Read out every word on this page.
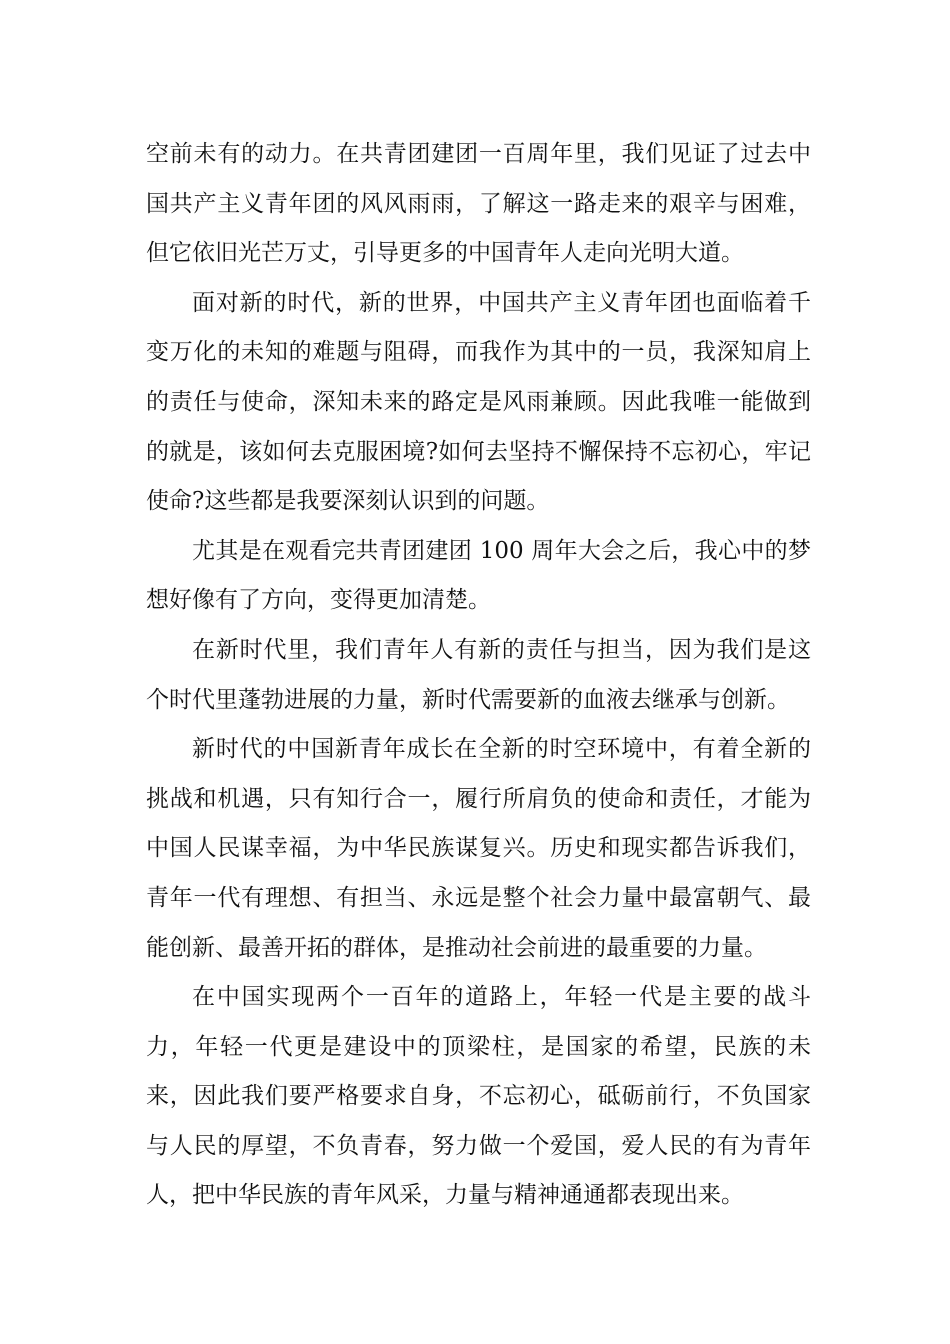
空前未有的动力。在共青团建团一百周年里，我们见证了过去中国共产主义青年团的风风雨雨，了解这一路走来的艰辛与困难，但它依旧光芒万丈，引导更多的中国青年人走向光明大道。

面对新的时代，新的世界，中国共产主义青年团也面临着千变万化的未知的难题与阻碍，而我作为其中的一员，我深知肩上的责任与使命，深知未来的路定是风雨兼顾。因此我唯一能做到的就是，该如何去克服困境?如何去坚持不懈保持不忘初心，牢记使命?这些都是我要深刻认识到的问题。

尤其是在观看完共青团建团 100 周年大会之后，我心中的梦想好像有了方向，变得更加清楚。

在新时代里，我们青年人有新的责任与担当，因为我们是这个时代里蓬勃进展的力量，新时代需要新的血液去继承与创新。

新时代的中国新青年成长在全新的时空环境中，有着全新的挑战和机遇，只有知行合一，履行所肩负的使命和责任，才能为中国人民谋幸福，为中华民族谋复兴。历史和现实都告诉我们，青年一代有理想、有担当、永远是整个社会力量中最富朝气、最能创新、最善开拓的群体，是推动社会前进的最重要的力量。

在中国实现两个一百年的道路上，年轻一代是主要的战斗力，年轻一代更是建设中的顶梁柱，是国家的希望，民族的未来，因此我们要严格要求自身，不忘初心，砥砺前行，不负国家与人民的厚望，不负青春，努力做一个爱国，爱人民的有为青年人，把中华民族的青年风采，力量与精神通通都表现出来。
